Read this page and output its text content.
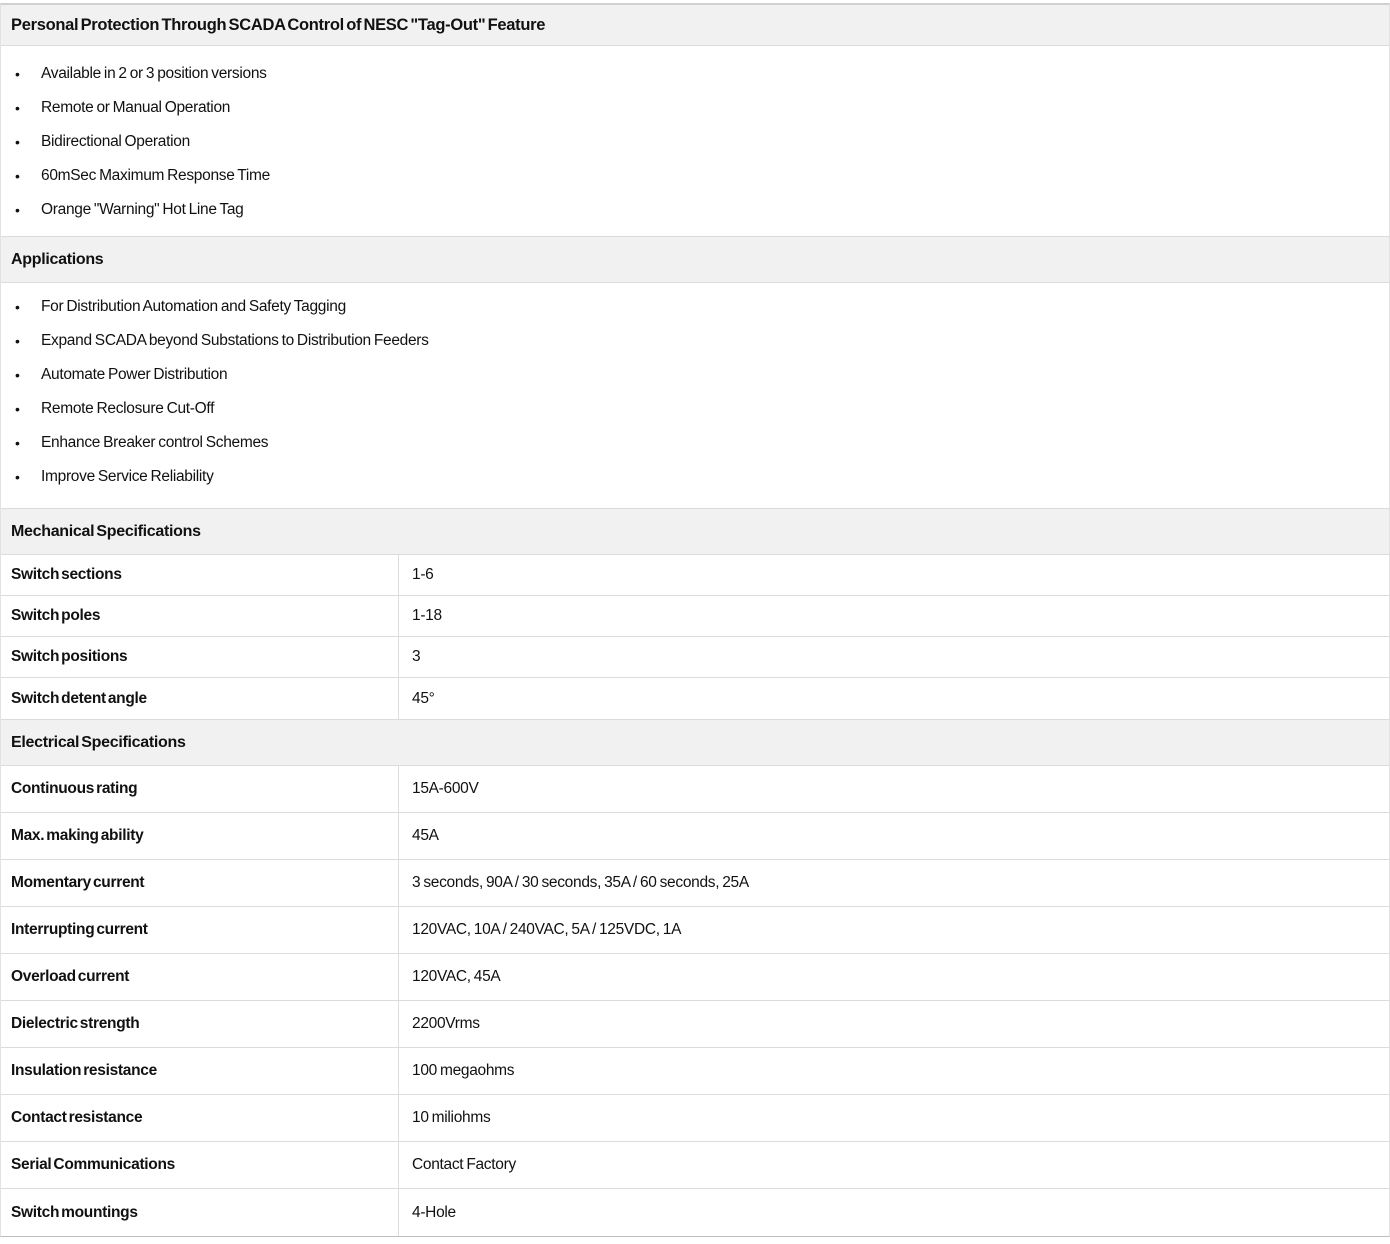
Personal Protection Through SCADA Control of NESC "Tag-Out" Feature
• Available in 2 or 3 position versions
• Remote or Manual Operation
• Bidirectional Operation
• 60mSec Maximum Response Time
• Orange "Warning" Hot Line Tag
Applications
• For Distribution Automation and Safety Tagging
• Expand SCADA beyond Substations to Distribution Feeders
• Automate Power Distribution
• Remote Reclosure Cut-Off
• Enhance Breaker control Schemes
• Improve Service Reliability
Mechanical Specifications
Switch sections	1-6
Switch poles	1-18
Switch positions	3
Switch detent angle	45°
Electrical Specifications
Continuous rating	15A-600V
Max. making ability	45A
Momentary current	3 seconds, 90A / 30 seconds, 35A / 60 seconds, 25A
Interrupting current	120VAC, 10A / 240VAC, 5A / 125VDC, 1A
Overload current	120VAC, 45A
Dielectric strength	2200Vrms
Insulation resistance	100 megaohms
Contact resistance	10 miliohms
Serial Communications	Contact Factory
Switch mountings	4-Hole
